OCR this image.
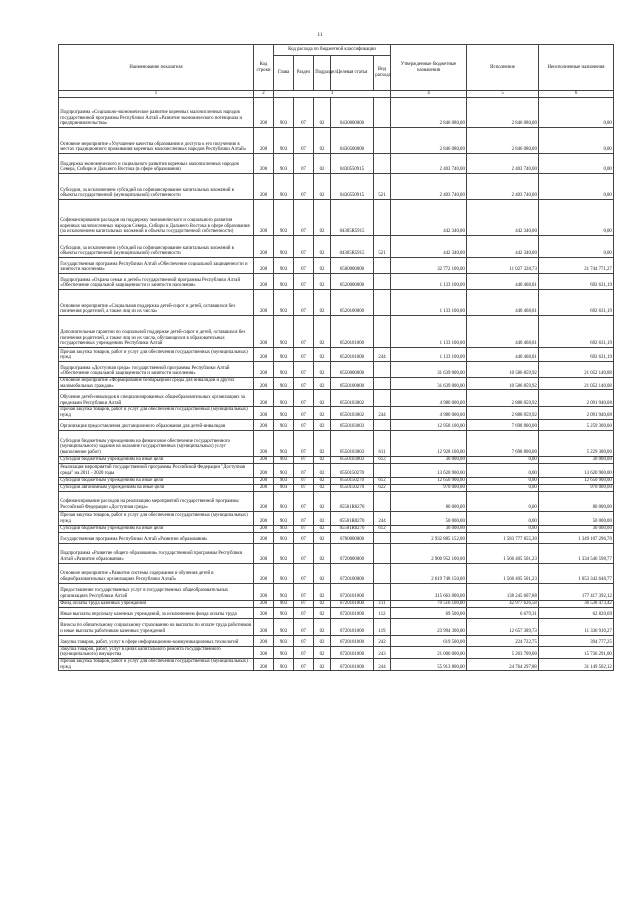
11
Наименование показателя	Код строки	Код расхода по бюджетной классификации					Утвержденные бюджетные назначения	Исполнение	Неисполненные назначения
		Глава	Раздел	Подраздел	Целевая статья	Вид расхода			
1	2	3					4	5	6
Подпрограмма «Социально-экономическое развитие коренных малочисленных народов государственной программы Республики Алтай «Развитие экономического потенциала и предпринимательства»	200	903	07	02	0430000000		2 846 080,00	2 846 080,00	0,00
Основное мероприятие «Улучшение качества образования и доступа к его получению в местах традиционного проживания коренных малочисленных народов Республики Алтай»	200	903	07	02	0430500000		2 846 080,00	2 846 080,00	0,00
Поддержка экономического и социального развития коренных малочисленных народов Севера, Сибири и Дальнего Востока (в сфере образования)	200	903	07	02	0430550915		2 403 740,00	2 403 740,00	0,00
Субсидии, за исключением субсидий на софинансирование капитальных вложений в объекты государственной (муниципальной) собственности	200	903	07	02	0430550915	521	2 403 740,00	2 403 740,00	0,00
Софинансирование расходов на поддержку экономического и социального развития коренных малочисленных народов Севера, Сибири и Дальнего Востока в сфере образования (за исключением капитальных вложений в объекты государственной собственности)	200	903	07	02	04305R5915		442 340,00	442 340,00	0,00
Субсидии, за исключением субсидий на софинансирование капитальных вложений в объекты государственной (муниципальной) собственности	200	903	07	02	04305R5915	521	442 340,00	442 340,00	0,00
Государственная программа Республики Алтай «Обеспечение социальной защищенности и занятости населения»	200	903	07	02	0500000000		32 772 100,00	11 027 328,73	21 744 771,27
Подпрограмма «Охрана семьи и детей» государственной программы Республики Алтай «Обеспечение социальной защищенности и занятости населения»	200	903	07	02	0520000000		1 133 100,00	440 468,81	692 631,19
Основное мероприятие «Социальная поддержка детей-сирот и детей, оставшихся без попечения родителей, а также лиц из их числа»	200	903	07	02	0520100000		1 133 100,00	440 468,81	692 631,19
Дополнительные гарантии по социальной поддержке детей-сирот и детей, оставшихся без попечения родителей, а также лиц из их числа, обучающихся в образовательных государственных учреждениях Республики Алтай	200	903	07	02	0520101000		1 133 100,00	440 468,81	692 631,19
Прочая закупка товаров, работ и услуг для обеспечения государственных (муниципальных) нужд	200	903	07	02	0520101000	244	1 133 100,00	440 468,81	692 631,19
Подпрограмма «Доступная среда» государственной программы Республики Алтай «Обеспечение социальной защищенности и занятости населения»	200	903	07	02	0550000000		31 639 000,00	10 586 859,92	21 052 140,08
Основное мероприятие «Формирование безбарьерной среды для инвалидов и других маломобильных граждан»	200	903	07	02	0550100000		31 639 000,00	10 586 859,92	21 052 140,08
Обучение детей-инвалидов в специализированных общеобразовательных организациях за пределами Республики Алтай	200	903	07	02	0550103002		4 980 000,00	2 888 059,92	2 091 940,08
Прочая закупка товаров, работ и услуг для обеспечения государственных (муниципальных) нужд	200	903	07	02	0550103002	244	4 980 000,00	2 888 059,92	2 091 940,08
Организация предоставления дистанционного образования для детей-инвалидов	200	903	07	02	0550103003		12 958 100,00	7 698 800,00	5 259 300,00
Субсидии бюджетным учреждениям на финансовое обеспечение государственного (муниципального) задания на оказание государственных (муниципальных) услуг (выполнение работ)	200	903	07	02	0550103003	611	12 928 100,00	7 698 800,00	5 229 300,00
Субсидии бюджетным учреждениям на иные цели	200	903	07	02	0550103003	612	30 000,00	0,00	30 000,00
Реализация мероприятий государственной программы Российской Федерации "Доступная среда" на 2011 - 2020 годы	200	903	07	02	0550150270		13 620 900,00	0,00	13 620 900,00
Субсидии бюджетным учреждениям на иные цели	200	903	07	02	0550150270	612	12 650 900,00	0,00	12 650 900,00
Субсидии автономным учреждениям на иные цели	200	903	07	02	0550150270	622	970 000,00	0,00	970 000,00
Софинансирование расходов на реализацию мероприятий государственной программы Российской Федерации «Доступная среда»	200	903	07	02	05501R0270		80 000,00	0,00	80 000,00
Прочая закупка товаров, работ и услуг для обеспечения государственных (муниципальных) нужд	200	903	07	02	05501R0270	244	50 000,00	0,00	50 000,00
Субсидии бюджетным учреждениям на иные цели	200	903	07	02	05501R0270	612	30 000,00	0,00	30 000,00
Государственная программа Республики Алтай «Развитие образования»	200	903	07	02	0700000000		2 932 885 152,00	1 583 777 855,30	1 349 107 296,70
Подпрограмма «Развитие общего образования» государственной программы Республики Алтай «Развитие образования»	200	903	07	02	0720000000		2 900 952 100,00	1 566 405 501,23	1 334 546 598,77
Основное мероприятие «Развитие системы содержания и обучения детей в общеобразовательных организациях Республики Алтай»	200	903	07	02	0720100000		2 619 748 150,00	1 566 405 501,23	1 053 342 648,77
Предоставление государственных услуг в государственных общеобразовательных организациях Республики Алтай	200	903	07	02	0720101000		315 663 000,00	138 245 607,88	177 417 392,12
Фонд оплаты труда казенных учреждений	200	903	07	02	0720101000	111	79 516 100,00	42 977 626,58	36 538 473,42
Иные выплаты персоналу казенных учреждений, за исключением фонда оплаты труда	200	903	07	02	0720101000	112	69 500,00	6 679,31	62 820,69
Взносы по обязательному социальному страхованию на выплаты по оплате труда работников и иные выплаты работникам казенных учреждений	200	903	07	02	0720101000	119	23 994 300,00	12 657 389,73	11 336 910,27
Закупка товаров, работ, услуг в сфере информационно-коммуникационных технологий	200	903	07	02	0720101000	242	619 500,00	224 722,75	394 777,25
Закупка товаров, работ, услуг в целях капитального ремонта государственного (муниципального) имущества	200	903	07	02	0720101000	243	21 000 000,00	5 263 709,00	15 736 291,00
Прочая закупка товаров, работ и услуг для обеспечения государственных (муниципальных) нужд	200	903	07	02	0720101000	244	55 913 800,00	24 764 297,88	31 149 502,12
